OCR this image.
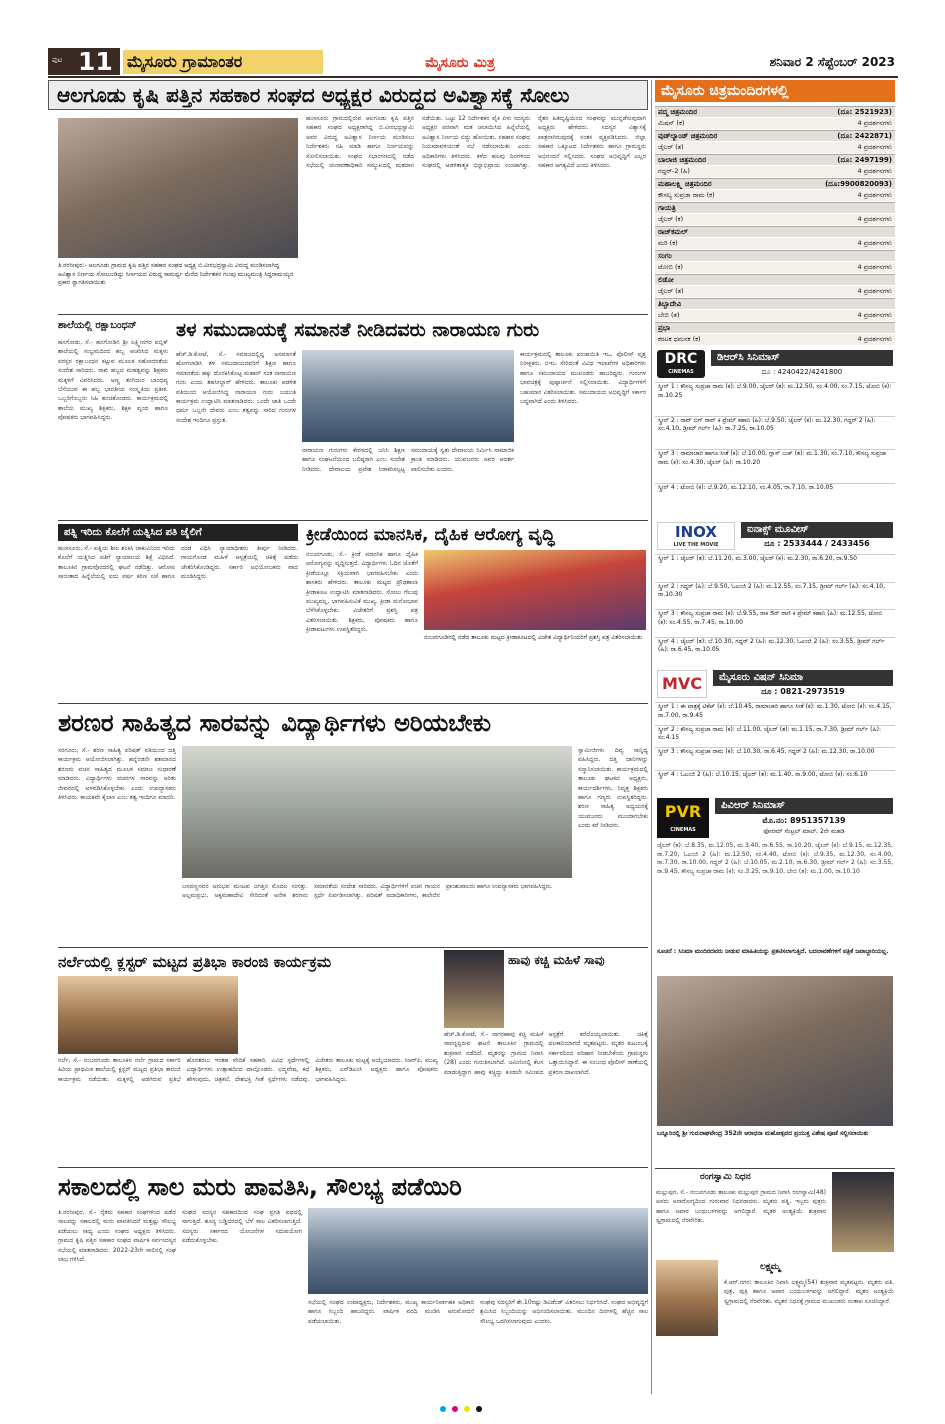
ಪುಟ 11 ಮೈಸೂರು ಗ್ರಾಮಾಂತರ	ಮೈಸೂರು ಮಿತ್ರ	ಶನಿವಾರ 2 ಸೆಪ್ಟೆಂಬರ್ 2023
ಆಲಗೂಡು ಕೃಷಿ ಪತ್ತಿನ ಸಹಕಾರ ಸಂಘದ ಅಧ್ಯಕ್ಷರ ವಿರುದ್ಧದ ಅವಿಶ್ವಾಸಕ್ಕೆ ಸೋಲು
ತಿ.ನರಸೀಪುರ:- ಆಲಗೂಡು ಗ್ರಾಮದ ಕೃಷಿ ಪತ್ತಿನ ಸಹಕಾರ ಸಂಘದ ಅಧ್ಯಕ್ಷ ಬಿ.ವೀರಭದ್ರಸ್ವಾಮಿ ವಿರುದ್ಧ ಮಂಡಿಸಲಾಗಿದ್ದ ಅವಿಶ್ವಾಸ ನಿರ್ಣಯ ಸೋಲುಂಡಿದ್ದು ಸಿರ್ಣಯದ ವಿರುದ್ಧ ಸಾಮರ್ಥ್ಯ ಮೆರೆದ ನಿರ್ದೇಶಕರ ಗುಂಪು ಮುಖ್ಯಮಂತ್ರಿ ಸಿದ್ದರಾಮಯ್ಯರ ಪ್ರಕಾರ ಸ್ವಾಗತಿಸಲಾಯಿತು
ಹುಣಸೂರು ಗ್ರಾಮದಲ್ಲಿರುವ ಆಲಗೂಡು ಕೃಷಿ ಪತ್ತಿನ ಸಹಕಾರ ಸಂಘದ ಅಧ್ಯಕ್ಷರಾಗಿದ್ದ ಬಿ.ವೀರಭದ್ರಸ್ವಾಮಿ ಅವರ ವಿರುದ್ಧ ಅವಿಶ್ವಾಸ ನಿರ್ಣಯ ಮಂಡಿಸಲು ನಿರ್ದೇಶಕರು ಸಹಿ ಮಾಡಿ ಹಾಗೂ ನಿರ್ಣಯವನ್ನು ಸೋಲಿಸಲಾಯಿತು. ಸಂಘದ ಸಭಾಂಗಣದಲ್ಲಿ ನಡೆದ ಸಭೆಯಲ್ಲಿ ಚುನಾವಣಾಧಿಕಾರಿ ಸಮ್ಮುಖದಲ್ಲಿ ಮತದಾನ ನಡೆಯಿತು. ಒಟ್ಟು 12 ನಿರ್ದೇಶಕರ ಪೈಕಿ ಏಳು ಸದಸ್ಯರು ಅಧ್ಯಕ್ಷರ ಪರವಾಗಿ ಮತ ಚಲಾಯಿಸಿದ ಹಿನ್ನೆಲೆಯಲ್ಲಿ ಅವಿಶ್ವಾಸ ನಿರ್ಣಯ ಬಿದ್ದು ಹೋಯಿತು. ಸಹಕಾರ ಸಂಘದ ನಿಯಮಾವಳಿಯಂತೆ ಸಭೆ ನಡೆಸಲಾಯಿತು ಎಂದು ಅಧಿಕಾರಿಗಳು ತಿಳಿಸಿದರು. ಕಳೆದ ಹಲವು ದಿನಗಳಿಂದ ಸಂಘದಲ್ಲಿ ಆಡಳಿತಾತ್ಮಕ ಭಿನ್ನಾಭಿಪ್ರಾಯ ಉಂಟಾಗಿತ್ತು. ರೈತರ ಹಿತದೃಷ್ಟಿಯಿಂದ ಸಂಘವನ್ನು ಮುನ್ನಡೆಸುವುದಾಗಿ ಅಧ್ಯಕ್ಷರು ಹೇಳಿದರು. ಸದಸ್ಯರ ವಿಶ್ವಾಸಕ್ಕೆ ಪಾತ್ರನಾಗಿರುವುದಕ್ಕೆ ಸಂತಸ ವ್ಯಕ್ತಪಡಿಸಿದರು. ಜಿಲ್ಲಾ ಸಹಕಾರ ಒಕ್ಕೂಟದ ನಿರ್ದೇಶಕರು ಹಾಗೂ ಗ್ರಾಮಸ್ಥರು ಅಭಿನಂದನೆ ಸಲ್ಲಿಸಿದರು. ಸಂಘದ ಅಭಿವೃದ್ಧಿಗೆ ಎಲ್ಲರ ಸಹಕಾರ ಅಗತ್ಯವಿದೆ ಎಂದು ತಿಳಿಸಿದರು.
ಶಾಲೆಯಲ್ಲಿ ರಕ್ಷಾಬಂಧನ್
ಹನಗೋಡು, ಸೆ.- ಹನಗೋಡಿನ ಶ್ರೀ ಲಕ್ಷ್ಮೀನಗರ ಪಬ್ಲಿಕ್ ಶಾಲೆಯಲ್ಲಿ ಸಂಭ್ರಮದಿಂದ ಹಬ್ಬ ಆಚರಿಸಿದ ಮಕ್ಕಳು ಪರಸ್ಪರ ರಕ್ಷಾಬಂಧನ ಕಟ್ಟುವ ಮೂಲಕ ಸಹೋದರತೆಯ ಸಂದೇಶ ಸಾರಿದರು. ರಾಖಿ ಹಬ್ಬದ ಮಹತ್ವವನ್ನು ಶಿಕ್ಷಕರು ಮಕ್ಕಳಿಗೆ ವಿವರಿಸಿದರು. ಅಣ್ಣ ತಂಗಿಯರ ಬಾಂಧವ್ಯ ಬೆಸೆಯುವ ಈ ಹಬ್ಬ ಭಾರತೀಯ ಸಂಸ್ಕೃತಿಯ ಪ್ರತೀಕ. ಒಬ್ಬರಿಗೊಬ್ಬರು ಸಿಹಿ ಹಂಚಿಕೊಂಡರು. ಕಾರ್ಯಕ್ರಮದಲ್ಲಿ ಶಾಲೆಯ ಮುಖ್ಯ ಶಿಕ್ಷಕರು, ಶಿಕ್ಷಕ ವೃಂದ ಹಾಗೂ ಪೋಷಕರು ಭಾಗವಹಿಸಿದ್ದರು.
ತಳ ಸಮುದಾಯಕ್ಕೆ ಸಮಾನತೆ ನೀಡಿದವರು ನಾರಾಯಣ ಗುರು
ಹೆಚ್.ಡಿ.ಕೋಟೆ, ಸೆ.- ಸಮಾಜದಲ್ಲಿದ್ದ ಅಸಮಾನತೆ ಹೋಗಲಾಡಿಸಿ ತಳ ಸಮುದಾಯದವರಿಗೆ ಶಿಕ್ಷಣ ಹಾಗೂ ಸಮಾನತೆಯ ಹಕ್ಕು ದೊರಕಿಸಿಕೊಟ್ಟ ಮಹಾನ್ ಸಂತ ನಾರಾಯಣ ಗುರು ಎಂದು ತಹಸೀಲ್ದಾರ್ ಹೇಳಿದರು. ತಾಲೂಕು ಆಡಳಿತ ವತಿಯಿಂದ ಆಯೋಜಿಸಿದ್ದ ನಾರಾಯಣ ಗುರು ಜಯಂತಿ ಕಾರ್ಯಕ್ರಮ ಉದ್ಘಾಟಿಸಿ ಮಾತನಾಡಿದರು. ಒಂದೇ ಜಾತಿ ಒಂದೇ ಧರ್ಮ ಒಬ್ಬನೇ ದೇವರು ಎಂಬ ತತ್ವವನ್ನು ಸಾರಿದ ಗುರುಗಳ ಸಂದೇಶ ಇಂದಿಗೂ ಪ್ರಸ್ತುತ.
ನಾರಾಯಣ ಗುರುಗಳು ಕೇರಳದಲ್ಲಿ ಜನಿಸಿ ಶಿಕ್ಷಣ ಹಾಗೂ ಸಂಘಟನೆಯಿಂದ ಬಲಿಷ್ಠರಾಗಿ ಎಂಬ ಸಂದೇಶ ನೀಡಿದರು. ದೇವಾಲಯ ಪ್ರವೇಶ ನಿರಾಕರಿಸಲ್ಪಟ್ಟ ಸಮುದಾಯಕ್ಕೆ ಸ್ವತಃ ದೇವಾಲಯ ನಿರ್ಮಿಸಿ ಸಾಮಾಜಿಕ ಕ್ರಾಂತಿ ಮಾಡಿದರು. ಯುವಜನರು ಅವರ ಆದರ್ಶ ಪಾಲಿಸಬೇಕು ಎಂದರು.
ಕಾರ್ಯಕ್ರಮದಲ್ಲಿ ತಾಲೂಕು ಪಂಚಾಯಿತಿ ಇಒ, ಪೊಲೀಸ್ ವೃತ್ತ ನಿರೀಕ್ಷಕರು, ಬಿಇಒ ಸೇರಿದಂತೆ ವಿವಿಧ ಇಲಾಖೆಗಳ ಅಧಿಕಾರಿಗಳು ಹಾಗೂ ಸಮುದಾಯದ ಮುಖಂಡರು ಹಾಜರಿದ್ದರು. ಗುರುಗಳ ಭಾವಚಿತ್ರಕ್ಕೆ ಪುಷ್ಪಾರ್ಚನೆ ಸಲ್ಲಿಸಲಾಯಿತು. ವಿದ್ಯಾರ್ಥಿಗಳಿಗೆ ಬಹುಮಾನ ವಿತರಿಸಲಾಯಿತು. ಸಮುದಾಯದ ಅಭಿವೃದ್ಧಿಗೆ ಸರ್ಕಾರ ಬದ್ಧವಾಗಿದೆ ಎಂದು ತಿಳಿಸಿದರು.
ಪತ್ನಿ ಇರಿದು ಕೊಲೆಗೆ ಯತ್ನಿಸಿದ ಪತಿ ಜೈಲಿಗೆ
ಹುಣಸೂರು, ಸೆ.- ಪತ್ನಿಯ ಶೀಲ ಶಂಕಿಸಿ ಚಾಕುವಿನಿಂದ ಇರಿದು ಕೊಲೆಗೆ ಯತ್ನಿಸಿದ ಪತಿಗೆ ನ್ಯಾಯಾಲಯ ಶಿಕ್ಷೆ ವಿಧಿಸಿದೆ. ತಾಲೂಕಿನ ಗ್ರಾಮವೊಂದರಲ್ಲಿ ಘಟನೆ ನಡೆದಿತ್ತು. ಆರೋಪ ಸಾಬೀತಾದ ಹಿನ್ನೆಲೆಯಲ್ಲಿ ಐದು ವರ್ಷ ಕಠಿಣ ಸಜೆ ಹಾಗೂ ದಂಡ ವಿಧಿಸಿ ನ್ಯಾಯಾಧೀಶರು ತೀರ್ಪು ನೀಡಿದರು. ಗಾಯಗೊಂಡ ಮಹಿಳೆ ಆಸ್ಪತ್ರೆಯಲ್ಲಿ ಚಿಕಿತ್ಸೆ ಪಡೆದು ಚೇತರಿಸಿಕೊಂಡಿದ್ದರು. ಸರ್ಕಾರಿ ಅಭಿಯೋಜಕರು ವಾದ ಮಂಡಿಸಿದ್ದರು.
ಕ್ರೀಡೆಯಿಂದ ಮಾನಸಿಕ, ದೈಹಿಕ ಆರೋಗ್ಯ ವೃದ್ಧಿ
ನಂಜನಗೂಡು, ಸೆ.- ಕ್ರೀಡೆ ಮಾನಸಿಕ ಹಾಗೂ ದೈಹಿಕ ಆರೋಗ್ಯವನ್ನು ವೃದ್ಧಿಸುತ್ತದೆ. ವಿದ್ಯಾರ್ಥಿಗಳು ಓದಿನ ಜೊತೆಗೆ ಕ್ರೀಡೆಯಲ್ಲೂ ಸಕ್ರಿಯವಾಗಿ ಭಾಗವಹಿಸಬೇಕು ಎಂದು ಶಾಸಕರು ಹೇಳಿದರು. ತಾಲೂಕು ಮಟ್ಟದ ಪ್ರೌಢಶಾಲಾ ಕ್ರೀಡಾಕೂಟ ಉದ್ಘಾಟಿಸಿ ಮಾತನಾಡಿದರು. ಸೋಲು ಗೆಲುವು ಮುಖ್ಯವಲ್ಲ, ಭಾಗವಹಿಸುವಿಕೆ ಮುಖ್ಯ. ಕ್ರೀಡಾ ಮನೋಭಾವ ಬೆಳೆಸಿಕೊಳ್ಳಬೇಕು. ವಿಜೇತರಿಗೆ ಪ್ರಶಸ್ತಿ ಪತ್ರ ವಿತರಿಸಲಾಯಿತು. ಶಿಕ್ಷಕರು, ಪೋಷಕರು ಹಾಗೂ ಕ್ರೀಡಾಪಟುಗಳು ಉಪಸ್ಥಿತರಿದ್ದರು.
ನಂಜನಗೂಡಿನಲ್ಲಿ ನಡೆದ ತಾಲೂಕು ಮಟ್ಟದ ಕ್ರೀಡಾಕೂಟದಲ್ಲಿ ವಿಜೇತ ವಿದ್ಯಾರ್ಥಿನಿಯರಿಗೆ ಪ್ರಶಸ್ತಿ ಪತ್ರ ವಿತರಿಸಲಾಯಿತು
ಶರಣರ ಸಾಹಿತ್ಯದ ಸಾರವನ್ನು ವಿದ್ಯಾರ್ಥಿಗಳು ಅರಿಯಬೇಕು
ಸರಗೂರು, ಸೆ.- ಶರಣ ಸಾಹಿತ್ಯ ಪರಿಷತ್ ವತಿಯಿಂದ ದತ್ತಿ ಕಾರ್ಯಕ್ರಮ ಆಯೋಜಿಸಲಾಗಿತ್ತು. ಹನ್ನೆರಡನೇ ಶತಮಾನದ ಶರಣರು ವಚನ ಸಾಹಿತ್ಯದ ಮೂಲಕ ಸಮಾಜ ಸುಧಾರಣೆ ಮಾಡಿದರು. ವಿದ್ಯಾರ್ಥಿಗಳು ವಚನಗಳ ಸಾರವನ್ನು ಅರಿತು ಜೀವನದಲ್ಲಿ ಅಳವಡಿಸಿಕೊಳ್ಳಬೇಕು ಎಂದು ಉಪನ್ಯಾಸಕರು ತಿಳಿಸಿದರು. ಕಾಯಕವೇ ಕೈಲಾಸ ಎಂಬ ತತ್ವ ಇಂದಿಗೂ ಮಾದರಿ.
ಬಸವಣ್ಣನವರ ಅನುಭವ ಮಂಟಪ ಜಗತ್ತಿನ ಮೊದಲ ಸಂಸತ್ತು. ಅಲ್ಲಮಪ್ರಭು, ಅಕ್ಕಮಹಾದೇವಿ ಸೇರಿದಂತೆ ಅನೇಕ ಶರಣರು ಸಮಾನತೆಯ ಸಂದೇಶ ಸಾರಿದರು. ವಿದ್ಯಾರ್ಥಿಗಳಿಗೆ ವಚನ ಗಾಯನ ಸ್ಪರ್ಧೆ ಏರ್ಪಡಿಸಲಾಗಿತ್ತು. ಪರಿಷತ್ ಪದಾಧಿಕಾರಿಗಳು, ಕಾಲೇಜಿನ ಪ್ರಾಂಶುಪಾಲರು ಹಾಗೂ ಉಪನ್ಯಾಸಕರು ಭಾಗವಹಿಸಿದ್ದರು.
ಸ್ವಾಮೀಜಿಗಳು ದಿವ್ಯ ಸಾನ್ನಿಧ್ಯ ವಹಿಸಿದ್ದರು. ದತ್ತಿ ದಾನಿಗಳನ್ನು ಸನ್ಮಾನಿಸಲಾಯಿತು. ಕಾರ್ಯಕ್ರಮದಲ್ಲಿ ತಾಲೂಕು ಘಟಕದ ಅಧ್ಯಕ್ಷರು, ಕಾರ್ಯದರ್ಶಿಗಳು, ನಿವೃತ್ತ ಶಿಕ್ಷಕರು ಹಾಗೂ ಗಣ್ಯರು ಉಪಸ್ಥಿತರಿದ್ದರು. ಶರಣ ಸಾಹಿತ್ಯ ಅಧ್ಯಯನಕ್ಕೆ ಯುವಜನರು ಮುಂದಾಗಬೇಕು ಎಂದು ಕರೆ ನೀಡಿದರು.
ನರ್ಲೆಯಲ್ಲಿ ಕ್ಲಸ್ಟರ್ ಮಟ್ಟದ ಪ್ರತಿಭಾ ಕಾರಂಜಿ ಕಾರ್ಯಕ್ರಮ
ನರ್ಲೆ, ಸೆ.- ನಂಜನಗೂಡು ತಾಲೂಕಿನ ನರ್ಲೆ ಗ್ರಾಮದ ಸರ್ಕಾರಿ ಹಿರಿಯ ಪ್ರಾಥಮಿಕ ಶಾಲೆಯಲ್ಲಿ ಕ್ಲಸ್ಟರ್ ಮಟ್ಟದ ಪ್ರತಿಭಾ ಕಾರಂಜಿ ಕಾರ್ಯಕ್ರಮ ನಡೆಯಿತು. ಮಕ್ಕಳಲ್ಲಿ ಅಡಗಿರುವ ಪ್ರತಿಭೆ ಹೊರತರಲು ಇಂತಹ ವೇದಿಕೆ ಸಹಕಾರಿ. ವಿವಿಧ ಸ್ಪರ್ಧೆಗಳಲ್ಲಿ ವಿದ್ಯಾರ್ಥಿಗಳು ಉತ್ಸಾಹದಿಂದ ಪಾಲ್ಗೊಂಡರು. ಛದ್ಮವೇಷ, ಕಥೆ ಹೇಳುವುದು, ಚಿತ್ರಕಲೆ, ದೇಶಭಕ್ತಿ ಗೀತೆ ಸ್ಪರ್ಧೆಗಳು ನಡೆದವು. ವಿಜೇತರು ತಾಲೂಕು ಮಟ್ಟಕ್ಕೆ ಆಯ್ಕೆಯಾದರು. ಸಿಆರ್‌ಪಿ, ಮುಖ್ಯ ಶಿಕ್ಷಕರು, ಎಸ್‌ಡಿಎಂಸಿ ಅಧ್ಯಕ್ಷರು ಹಾಗೂ ಪೋಷಕರು ಭಾಗವಹಿಸಿದ್ದರು.
ಹಾವು ಕಚ್ಚಿ ಮಹಿಳೆ ಸಾವು
ಹೆಚ್.ಡಿ.ಕೋಟೆ, ಸೆ.- ನಾಗರಹಾವು ಕಚ್ಚಿ ಮಹಿಳೆ ಸಾವನ್ನಪ್ಪಿರುವ ಘಟನೆ ತಾಲೂಕಿನ ಗ್ರಾಮದಲ್ಲಿ ಶುಕ್ರವಾರ ನಡೆದಿದೆ. ಮೃತರನ್ನು ಗ್ರಾಮದ ನಿವಾಸಿ (28) ಎಂದು ಗುರುತಿಸಲಾಗಿದೆ. ಜಮೀನಿನಲ್ಲಿ ಕೆಲಸ ಮಾಡುತ್ತಿದ್ದಾಗ ಹಾವು ಕಚ್ಚಿದ್ದು ಕೂಡಲೇ ಸಮೀಪದ ಆಸ್ಪತ್ರೆಗೆ ಕರೆದೊಯ್ಯಲಾಯಿತು. ಚಿಕಿತ್ಸೆ ಫಲಕಾರಿಯಾಗದೆ ಮೃತಪಟ್ಟರು. ಮೃತರ ಕುಟುಂಬಕ್ಕೆ ಸರ್ಕಾರದಿಂದ ಪರಿಹಾರ ನೀಡಬೇಕೆಂದು ಗ್ರಾಮಸ್ಥರು ಒತ್ತಾಯಿಸಿದ್ದಾರೆ. ಈ ಸಂಬಂಧ ಪೊಲೀಸ್ ಠಾಣೆಯಲ್ಲಿ ಪ್ರಕರಣ ದಾಖಲಾಗಿದೆ.
ಸಕಾಲದಲ್ಲಿ ಸಾಲ ಮರು ಪಾವತಿಸಿ, ಸೌಲಭ್ಯ ಪಡೆಯಿರಿ
ತಿ.ನರಸೀಪುರ, ಸೆ.- ರೈತರು ಸಹಕಾರ ಸಂಘಗಳಿಂದ ಪಡೆದ ಸಾಲವನ್ನು ಸಕಾಲದಲ್ಲಿ ಮರು ಪಾವತಿಸಿದರೆ ಮತ್ತಷ್ಟು ಸೌಲಭ್ಯ ಪಡೆಯಲು ಸಾಧ್ಯ ಎಂದು ಸಂಘದ ಅಧ್ಯಕ್ಷರು ತಿಳಿಸಿದರು. ಗ್ರಾಮದ ಕೃಷಿ ಪತ್ತಿನ ಸಹಕಾರ ಸಂಘದ ವಾರ್ಷಿಕ ಸರ್ವಸದಸ್ಯರ ಸಭೆಯಲ್ಲಿ ಮಾತನಾಡಿದರು. 2022-23ನೇ ಸಾಲಿನಲ್ಲಿ ಸಂಘ ಲಾಭ ಗಳಿಸಿದೆ.
ಸಂಘದ ಸದಸ್ಯರ ಸಹಕಾರದಿಂದ ಸಂಘ ಪ್ರಗತಿ ಪಥದಲ್ಲಿ ಸಾಗುತ್ತಿದೆ. ಶೂನ್ಯ ಬಡ್ಡಿದರದಲ್ಲಿ ಬೆಳೆ ಸಾಲ ವಿತರಿಸಲಾಗುತ್ತಿದೆ. ಸದಸ್ಯರು ಸರ್ಕಾರದ ಯೋಜನೆಗಳ ಸದುಪಯೋಗ ಪಡೆದುಕೊಳ್ಳಬೇಕು.
ಸಭೆಯಲ್ಲಿ ಸಂಘದ ಉಪಾಧ್ಯಕ್ಷರು, ನಿರ್ದೇಶಕರು, ಮುಖ್ಯ ಕಾರ್ಯನಿರ್ವಾಹಕ ಅಧಿಕಾರಿ ಹಾಗೂ ಸಿಬ್ಬಂದಿ ಹಾಜರಿದ್ದರು. ವಾರ್ಷಿಕ ವರದಿ ಮಂಡಿಸಿ ಅನುಮೋದನೆ ಪಡೆಯಲಾಯಿತು.
ಸಂಘವು ಸದಸ್ಯರಿಗೆ ಶೇ.10ರಷ್ಟು ಡಿವಿಡೆಂಡ್ ವಿತರಿಸಲು ನಿರ್ಧರಿಸಿದೆ. ಸಂಘದ ಅಭಿವೃದ್ಧಿಗೆ ಶ್ರಮಿಸಿದ ಸಿಬ್ಬಂದಿಯನ್ನು ಅಭಿನಂದಿಸಲಾಯಿತು. ಮುಂದಿನ ದಿನಗಳಲ್ಲಿ ಹೆಚ್ಚಿನ ಸಾಲ ಸೌಲಭ್ಯ ಒದಗಿಸಲಾಗುವುದು ಎಂದರು.
ಮೈಸೂರು ಚಿತ್ರಮಂದಿರಗಳಲ್ಲಿ
ಪದ್ಮ ಚಿತ್ರಮಂದಿರ	(ದೂ: 2521923)
ಮಿಷನ್ (ಕ)	4 ಪ್ರದರ್ಶನಗಳು
ವುಡ್‌ಲ್ಯಾಂಡ್ ಚಿತ್ರಮಂದಿರ	(ದೂ: 2422871)
ಜೈಲರ್ (ತ)	4 ಪ್ರದರ್ಶನಗಳು
ಬಾಲಾಜಿ ಚಿತ್ರಮಂದಿರ	(ದೂ: 2497199)
ಗದ್ದರ್-2 (ಹಿ)	4 ಪ್ರದರ್ಶನಗಳು
ಮಹಾಲಕ್ಷ್ಮಿ ಚಿತ್ರಮಂದಿರ	(ದೂ:9900820093)
ಕೌಸಲ್ಯ ಸುಪ್ರಜಾ ರಾಮ (ಕ)	4 ಪ್ರದರ್ಶನಗಳು
ಗಾಯತ್ರಿ
ಜೈಲರ್ (ಕ)	4 ಪ್ರದರ್ಶನಗಳು
ರಾಜ್‌ಕಮಲ್
ಮರಿ (ಕ)	4 ಪ್ರದರ್ಶನಗಳು
ಸಂಗಂ
ಟೋಬಿ (ಕ)	4 ಪ್ರದರ್ಶನಗಳು
ಲಿಡೋ
ಜೈಲರ್ (ತ)	4 ಪ್ರದರ್ಶನಗಳು
ತಿಬ್ಬಾದೇವಿ
ಬೇಬಿ (ತ)	4 ಪ್ರದರ್ಶನಗಳು
ಪ್ರಭಾ
ಕರಟಕ ಧಮನಕ (ಕ)	4 ಪ್ರದರ್ಶನಗಳು
DRC
CINEMAS
ಡಿಆರ್‌ಸಿ ಸಿನಿಮಾಸ್
ದೂ : 4240422/4241800
ಸ್ಕ್ರೀನ್ 1 : ಕೌಸಲ್ಯ ಸುಪ್ರಜಾ ರಾಮ (ಕ): ಬೆ.9.00, ಜೈಲರ್ (ತ): ಮ.12.50, ಸಂ.4.00, ಸಂ.7.15, ಟೋಬಿ (ಕ): ರಾ.10.25
ಸ್ಕ್ರೀನ್ 2 : ರಾವ್ ಬಿಗ್ ರಾವ್ ಕಿ ಪ್ರೇಮ್ ಕಹಾನಿ (ಹಿ): ಬೆ.9.50, ಜೈಲರ್ (ಕ): ಮ.12.30, ಗದ್ದರ್ 2 (ಹಿ): ಸಂ.4.10, ಡ್ರೀಮ್ ಗರ್ಲ್ (ಹಿ): ರಾ.7.25, ರಾ.10.05
ಸ್ಕ್ರೀನ್ 3 : ರಾಮಾಚಾರಿ ಹಾಗೂ ಸೀತೆ (ಕ): ಬೆ.10.00, ಗ್ಲಾಸ್ ಬುಕ್ (ತ): ಮ.1.30, ಸಂ.7.10, ಕೌಸಲ್ಯ ಸುಪ್ರಜಾ ರಾಮ (ಕ): ಸಂ.4.30, ಜೈಲರ್ (ಹಿ): ರಾ.10.20
ಸ್ಕ್ರೀನ್ 4 : ಟೋಬಿ (ಕ): ಬೆ.9.20, ಮ.12.10, ಸಂ.4.05, ರಾ.7.10, ರಾ.10.05
INOX
LIVE THE MOVIE
ಐನಾಕ್ಸ್ ಮೂವೀಸ್
ದೂ : 2533444 / 2433456
ಸ್ಕ್ರೀನ್ 1 : ಜೈಲರ್ (ತ): ಬೆ.11.20, ಮ.3.00, ಜೈಲರ್ (ಕ): ಮ.2.30, ರಾ.6.20, ರಾ.9.50
ಸ್ಕ್ರೀನ್ 2 : ಗದ್ದರ್ (ಹಿ): ಬೆ.9.50, ಓಎಂಜಿ 2 (ಹಿ): ಮ.12.55, ಸಂ.7.15, ಡ್ರೀಮ್ ಗರ್ಲ್ (ಹಿ): ಸಂ.4.10, ರಾ.10.30
ಸ್ಕ್ರೀನ್ 3 : ಕೌಸಲ್ಯ ಸುಪ್ರಜಾ ರಾಮ (ಕ): ಬೆ.9.55, ರಾಕಿ ಔರ್ ರಾಣಿ ಕಿ ಪ್ರೇಮ್ ಕಹಾನಿ (ಹಿ): ಮ.12.55, ಟೋಬಿ (ಕ): ಸಂ.4.55, ರಾ.7.45, ರಾ.10.00
ಸ್ಕ್ರೀನ್ 4 : ಜೈಲರ್ (ತ): ಬೆ.10.30, ಗದ್ದರ್ 2 (ಹಿ): ಮ.12.30, ಓಎಂಜಿ 2 (ಹಿ): ಸಂ.3.55, ಡ್ರೀಮ್ ಗರ್ಲ್ (ಹಿ): ರಾ.6.45, ರಾ.10.05
MVC	ಮೈಸೂರು ವಿಷನ್ ಸಿನಿಮಾ
ದೂ : 0821-2973519
ಸ್ಕ್ರೀನ್ 1 : ಈ ಪಾತ್ರಕ್ಕೆ ಟಿಕೆಟ್ (ಕ): ಬೆ.10.45, ರಾಮಾಚಾರಿ ಹಾಗೂ ಸೀತೆ (ಕ): ಮ.1.30, ಟೋಬಿ (ಕ): ಸಂ.4.15, ರಾ.7.00, ರಾ.9.45
ಸ್ಕ್ರೀನ್ 2 : ಕೌಸಲ್ಯ ಸುಪ್ರಜಾ ರಾಮ (ಕ): ಬೆ.11.00, ಜೈಲರ್ (ತ): ಮ.1.15, ರಾ.7.30, ಡ್ರೀಮ್ ಗರ್ಲ್ (ಹಿ): ಸಂ.4.15
ಸ್ಕ್ರೀನ್ 3 : ಕೌಸಲ್ಯ ಸುಪ್ರಜಾ ರಾಮ (ಕ): ಬೆ.10.30, ರಾ.6.45, ಗದ್ದರ್ 2 (ಹಿ): ಮ.12.30, ರಾ.10.00
ಸ್ಕ್ರೀನ್ 4 : ಓಎಂಜಿ 2 (ಹಿ): ಬೆ.10.15, ಜೈಲರ್ (ತ): ಮ.1.40, ರಾ.9.00, ಟೋಬಿ (ಕ): ಸಂ.6.10
PVR
CINEMAS
ಪಿವಿಆರ್ ಸಿನಿಮಾಸ್
ಮೊ.ನಂ: 8951357139
ಫೋರಮ್ ಸೆಂಟ್ರಲ್ ಮಾಲ್, 2ನೇ ಮಹಡಿ
ಜೈಲರ್ (ತ): ಬೆ.8.35, ಮ.12.05, ಮ.3.40, ರಾ.6.55, ರಾ.10.20, ಜೈಲರ್ (ಕ): ಬೆ.9.15, ಮ.12.35, ರಾ.7.20, ಓಎಂಜಿ 2 (ಹಿ): ಮ.12.50, ಸಂ.4.40, ಟೋಬಿ (ಕ): ಬೆ.9.35, ಮ.12.30, ಸಂ.4.00, ರಾ.7.30, ರಾ.10.00, ಗದ್ದರ್ 2 (ಹಿ): ಬೆ.10.05, ಮ.2.10, ರಾ.6.30, ಡ್ರೀಮ್ ಗರ್ಲ್ 2 (ಹಿ): ಸಂ.3.55, ರಾ.9.45, ಕೌಸಲ್ಯ ಸುಪ್ರಜಾ ರಾಮ (ಕ): ಸಂ.3.25, ರಾ.9.10, ಬೇಬಿ (ತ): ಮ.1.00, ರಾ.10.10
ಸೂಚನೆ : ಸಿನಿಮಾ ಮಂದಿರದವರು ನೀಡುವ ಮಾಹಿತಿಯನ್ನು ಪ್ರಕಟಿಸಲಾಗುತ್ತಿದೆ. ಬದಲಾವಣೆಗಳಿಗೆ ಪತ್ರಿಕೆ ಜವಾಬ್ದಾರಿಯಲ್ಲ.
ಬನ್ನೂರಿನಲ್ಲಿ ಶ್ರೀ ಗುರುರಾಘವೇಂದ್ರ 352ನೇ ಆರಾಧನಾ ಮಹೋತ್ಸವದ ಪ್ರಯುಕ್ತ ವಿಶೇಷ ಪೂಜೆ ಸಲ್ಲಿಸಲಾಯಿತು
ರಂಗಸ್ವಾಮಿ ನಿಧನ
ಮಲ್ಲುಪುರ, ಸೆ.- ನಂಜನಗೂಡು ತಾಲೂಕು ಮಲ್ಲುಪುರ ಗ್ರಾಮದ ನಿವಾಸಿ ರಂಗಸ್ವಾಮಿ(48) ಅವರು ಅನಾರೋಗ್ಯದಿಂದ ಗುರುವಾರ ನಿಧನರಾದರು. ಮೃತರು ಪತ್ನಿ, ಇಬ್ಬರು ಪುತ್ರರು ಹಾಗೂ ಅಪಾರ ಬಂಧುಬಳಗವನ್ನು ಅಗಲಿದ್ದಾರೆ. ಮೃತರ ಅಂತ್ಯಕ್ರಿಯೆ ಶುಕ್ರವಾರ ಸ್ವಗ್ರಾಮದಲ್ಲಿ ನೆರವೇರಿತು.
ಲಕ್ಷ್ಮಮ್ಮ
ಕೆ.ಆರ್.ನಗರ: ತಾಲೂಕಿನ ನಿವಾಸಿ ಲಕ್ಷ್ಮಮ್ಮ(54) ಶುಕ್ರವಾರ ಮೃತಪಟ್ಟರು. ಮೃತರು ಪತಿ, ಪುತ್ರ, ಪುತ್ರಿ ಹಾಗೂ ಅಪಾರ ಬಂಧುಬಳಗವನ್ನು ಅಗಲಿದ್ದಾರೆ. ಮೃತರ ಅಂತ್ಯಕ್ರಿಯೆ ಸ್ವಗ್ರಾಮದಲ್ಲಿ ನೆರವೇರಿತು. ಮೃತರ ನಿಧನಕ್ಕೆ ಗ್ರಾಮದ ಮುಖಂಡರು ಸಂತಾಪ ಸೂಚಿಸಿದ್ದಾರೆ.
